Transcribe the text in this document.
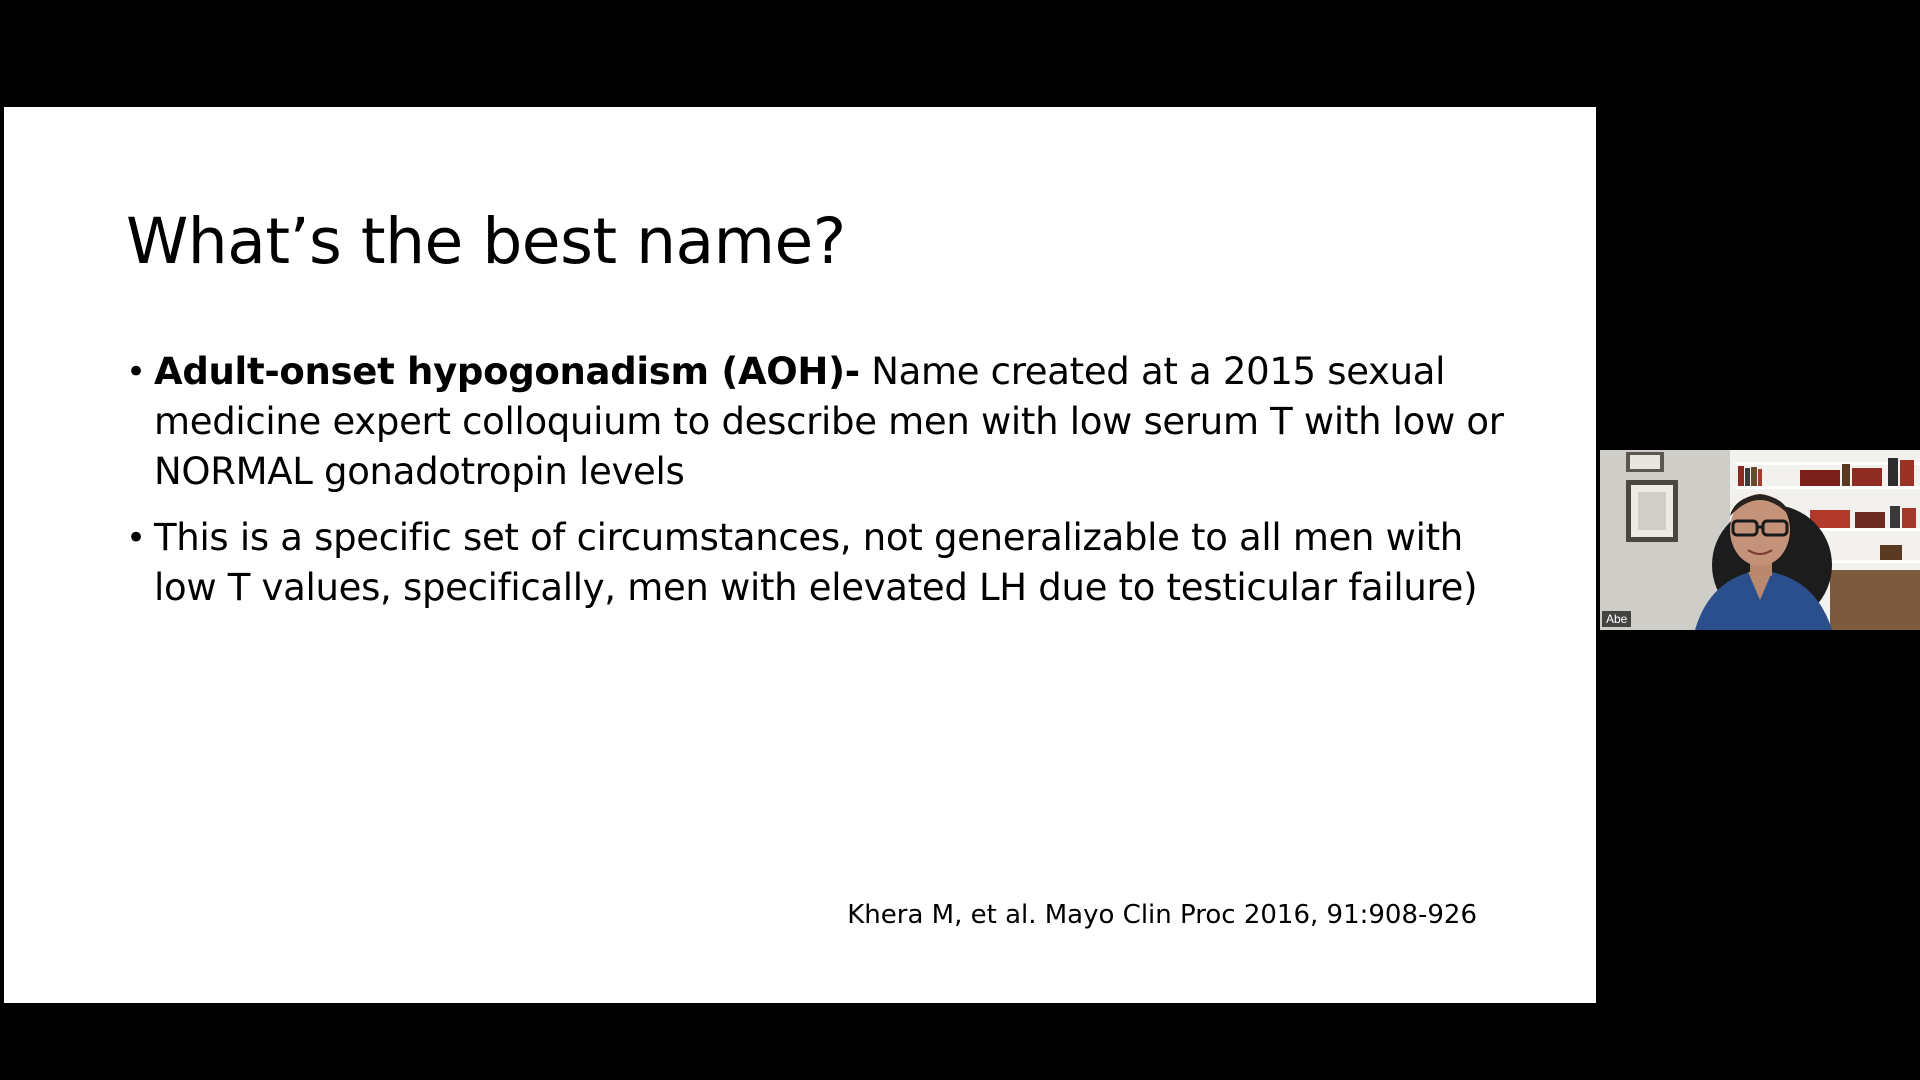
What’s the best name?
• Adult-onset hypogonadism (AOH)- Name created at a 2015 sexual medicine expert colloquium to describe men with low serum T with low or NORMAL gonadotropin levels
• This is a specific set of circumstances, not generalizable to all men with low T values, specifically, men with elevated LH due to testicular failure)
Khera M, et al. Mayo Clin Proc 2016, 91:908-926
Abe
